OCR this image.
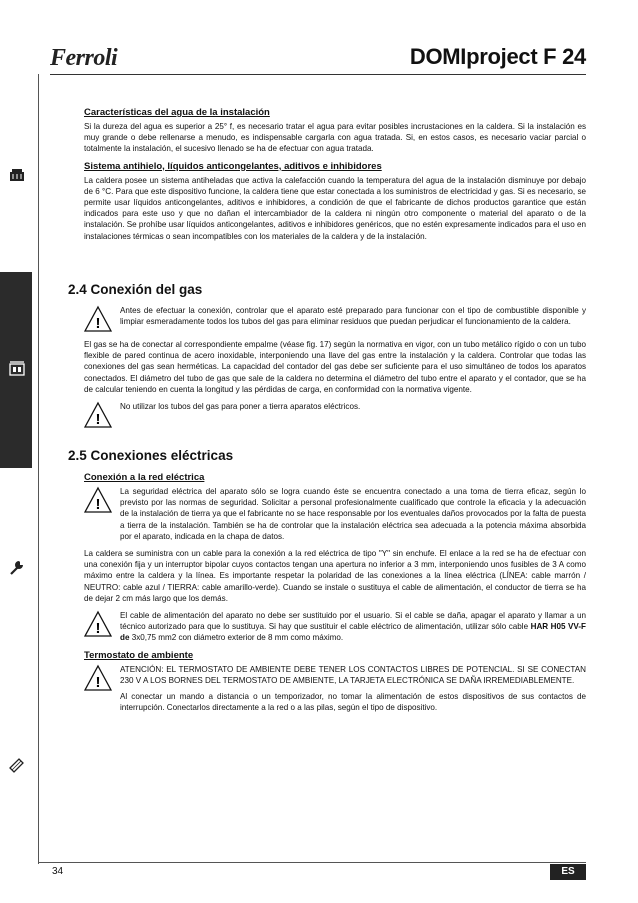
Ferroli	DOMIproject F 24
Características del agua de la instalación

Si la dureza del agua es superior a 25° f, es necesario tratar el agua para evitar posibles incrustaciones en la caldera. Si la instalación es muy grande o debe rellenarse a menudo, es indispensable cargarla con agua tratada. Si, en estos casos, es necesario vaciar parcial o totalmente la instalación, el sucesivo llenado se ha de efectuar con agua tratada.

Sistema antihielo, líquidos anticongelantes, aditivos e inhibidores

La caldera posee un sistema antiheladas que activa la calefacción cuando la temperatura del agua de la instalación disminuye por debajo de 6 °C. Para que este dispositivo funcione, la caldera tiene que estar conectada a los suministros de electricidad y gas. Si es necesario, se permite usar líquidos anticongelantes, aditivos e inhibidores, a condición de que el fabricante de dichos productos garantice que están indicados para este uso y que no dañan el intercambiador de la caldera ni ningún otro componente o material del aparato o de la instalación. Se prohíbe usar líquidos anticongelantes, aditivos e inhibidores genéricos, que no estén expresamente indicados para el uso en instalaciones térmicas o sean incompatibles con los materiales de la caldera y de la instalación.

2.4 Conexión del gas
!
Antes de efectuar la conexión, controlar que el aparato esté preparado para funcionar con el tipo de combustible disponible y limpiar esmeradamente todos los tubos del gas para eliminar residuos que puedan perjudicar el funcionamiento de la caldera.

El gas se ha de conectar al correspondiente empalme (véase fig. 17) según la normativa en vigor, con un tubo metálico rígido o con un tubo flexible de pared continua de acero inoxidable, interponiendo una llave del gas entre la instalación y la caldera. Controlar que todas las conexiones del gas sean herméticas. La capacidad del contador del gas debe ser suficiente para el uso simultáneo de todos los aparatos conectados. El diámetro del tubo de gas que sale de la caldera no determina el diámetro del tubo entre el aparato y el contador, que se ha de calcular teniendo en cuenta la longitud y las pérdidas de carga, en conformidad con la normativa vigente.

!
No utilizar los tubos del gas para poner a tierra aparatos eléctricos.
2.5 Conexiones eléctricas
Conexión a la red eléctrica
!
La seguridad eléctrica del aparato sólo se logra cuando éste se encuentra conectado a una toma de tierra eficaz, según lo previsto por las normas de seguridad. Solicitar a personal profesionalmente cualificado que controle la eficacia y la adecuación de la instalación de tierra ya que el fabricante no se hace responsable por los eventuales daños provocados por la falta de puesta a tierra de la instalación. También se ha de controlar que la instalación eléctrica sea adecuada a la potencia máxima absorbida por el aparato, indicada en la chapa de datos.

La caldera se suministra con un cable para la conexión a la red eléctrica de tipo "Y" sin enchufe. El enlace a la red se ha de efectuar con una conexión fija y un interruptor bipolar cuyos contactos tengan una apertura no inferior a 3 mm, interponiendo unos fusibles de 3 A como máximo entre la caldera y la línea. Es importante respetar la polaridad de las conexiones a la línea eléctrica (LÍNEA: cable marrón / NEUTRO: cable azul / TIERRA: cable amarillo-verde). Cuando se instale o sustituya el cable de alimentación, el conductor de tierra se ha de dejar 2 cm más largo que los demás.

!
El cable de alimentación del aparato no debe ser sustituido por el usuario. Si el cable se daña, apagar el aparato y llamar a un técnico autorizado para que lo sustituya. Si hay que sustituir el cable eléctrico de alimentación, utilizar sólo cable HAR H05 VV-F de 3x0,75 mm2 con diámetro exterior de 8 mm como máximo.
Termostato de ambiente
!
ATENCIÓN: EL TERMOSTATO DE AMBIENTE DEBE TENER LOS CONTACTOS LIBRES DE POTENCIAL. SI SE CONECTAN 230 V A LOS BORNES DEL TERMOSTATO DE AMBIENTE, LA TARJETA ELECTRÓNICA SE DAÑA IRREMEDIABLEMENTE.
Al conectar un mando a distancia o un temporizador, no tomar la alimentación de estos dispositivos de sus contactos de interrupción. Conectarlos directamente a la red o a las pilas, según el tipo de dispositivo.
34	ES
